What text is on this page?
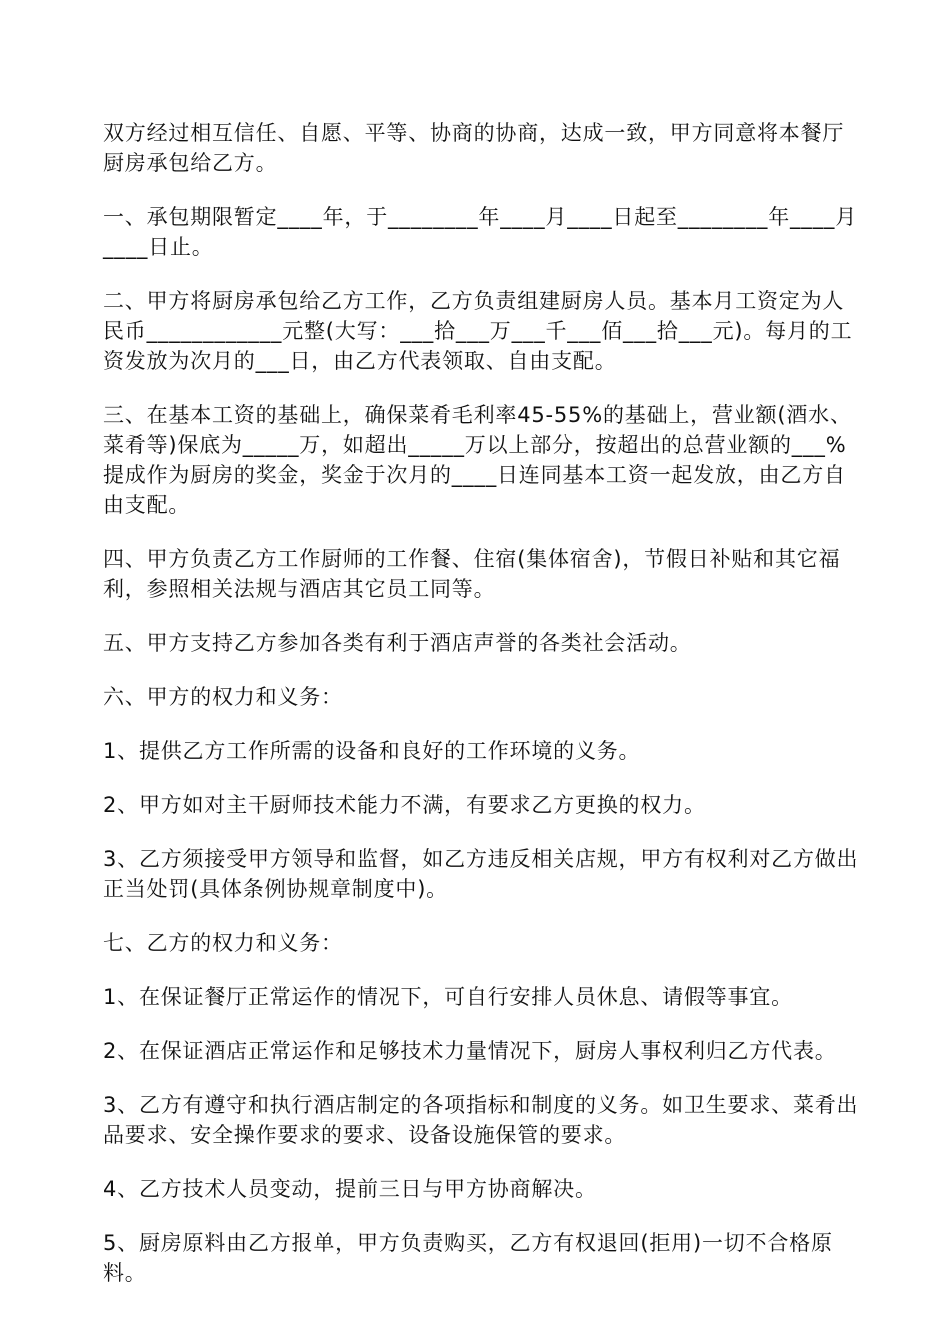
双方经过相互信任、自愿、平等、协商的协商，达成一致，甲方同意将本餐厅厨房承包给乙方。

一、承包期限暂定____年，于________年____月____日起至________年____月____日止。

二、甲方将厨房承包给乙方工作，乙方负责组建厨房人员。基本月工资定为人民币____________元整(大写：___拾___万___千___佰___拾___元)。每月的工资发放为次月的___日，由乙方代表领取、自由支配。

三、在基本工资的基础上，确保菜肴毛利率45-55%的基础上，营业额(酒水、菜肴等)保底为_____万，如超出_____万以上部分，按超出的总营业额的___%提成作为厨房的奖金，奖金于次月的____日连同基本工资一起发放，由乙方自由支配。

四、甲方负责乙方工作厨师的工作餐、住宿(集体宿舍)，节假日补贴和其它福利，参照相关法规与酒店其它员工同等。

五、甲方支持乙方参加各类有利于酒店声誉的各类社会活动。

六、甲方的权力和义务：

1、提供乙方工作所需的设备和良好的工作环境的义务。

2、甲方如对主干厨师技术能力不满，有要求乙方更换的权力。

3、乙方须接受甲方领导和监督，如乙方违反相关店规，甲方有权利对乙方做出正当处罚(具体条例协规章制度中)。

七、乙方的权力和义务：

1、在保证餐厅正常运作的情况下，可自行安排人员休息、请假等事宜。

2、在保证酒店正常运作和足够技术力量情况下，厨房人事权利归乙方代表。

3、乙方有遵守和执行酒店制定的各项指标和制度的义务。如卫生要求、菜肴出品要求、安全操作要求的要求、设备设施保管的要求。

4、乙方技术人员变动，提前三日与甲方协商解决。

5、厨房原料由乙方报单，甲方负责购买，乙方有权退回(拒用)一切不合格原料。
